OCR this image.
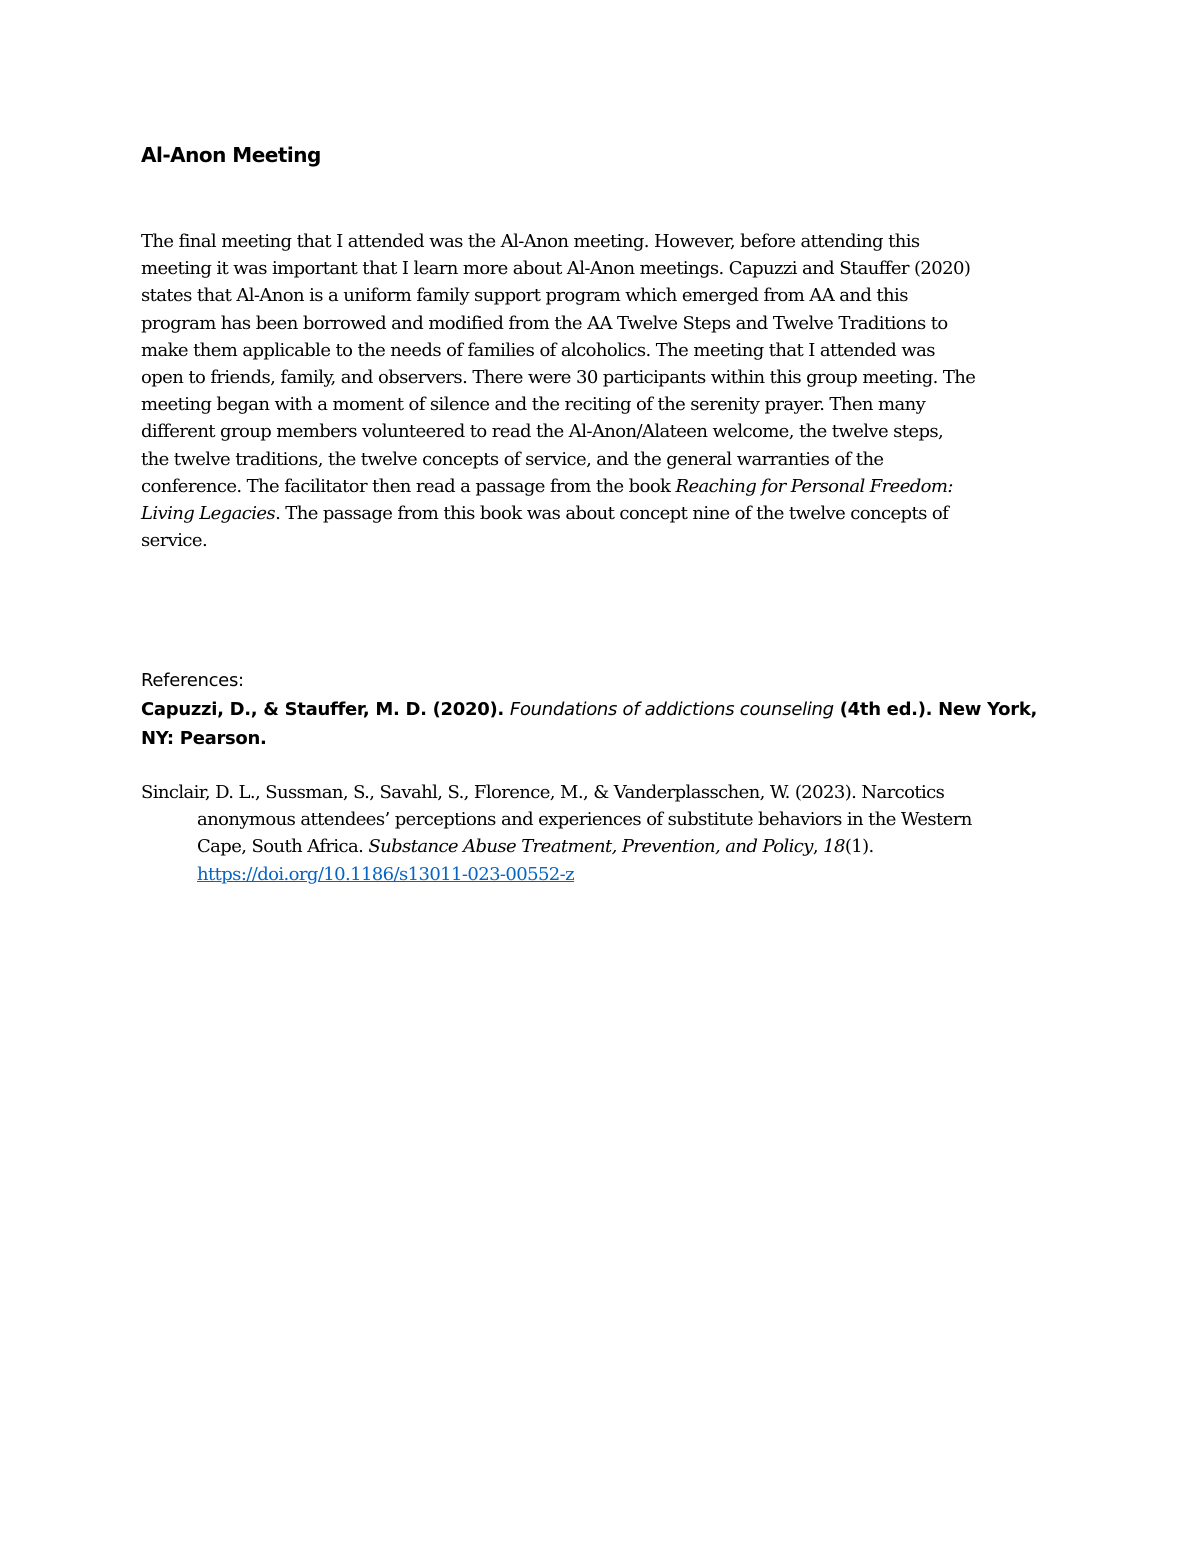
Al-Anon Meeting
The final meeting that I attended was the Al-Anon meeting. However, before attending this
meeting it was important that I learn more about Al-Anon meetings. Capuzzi and Stauffer (2020)
states that Al-Anon is a uniform family support program which emerged from AA and this
program has been borrowed and modified from the AA Twelve Steps and Twelve Traditions to
make them applicable to the needs of families of alcoholics. The meeting that I attended was
open to friends, family, and observers. There were 30 participants within this group meeting. The
meeting began with a moment of silence and the reciting of the serenity prayer. Then many
different group members volunteered to read the Al-Anon/Alateen welcome, the twelve steps,
the twelve traditions, the twelve concepts of service, and the general warranties of the
conference. The facilitator then read a passage from the book Reaching for Personal Freedom:
Living Legacies. The passage from this book was about concept nine of the twelve concepts of
service.
References:
Capuzzi, D., & Stauffer, M. D. (2020). Foundations of addictions counseling (4th ed.). New York,
NY: Pearson.
Sinclair, D. L., Sussman, S., Savahl, S., Florence, M., & Vanderplasschen, W. (2023). Narcotics
anonymous attendees’ perceptions and experiences of substitute behaviors in the Western
Cape, South Africa. Substance Abuse Treatment, Prevention, and Policy, 18(1).
https://doi.org/10.1186/s13011-023-00552-z
